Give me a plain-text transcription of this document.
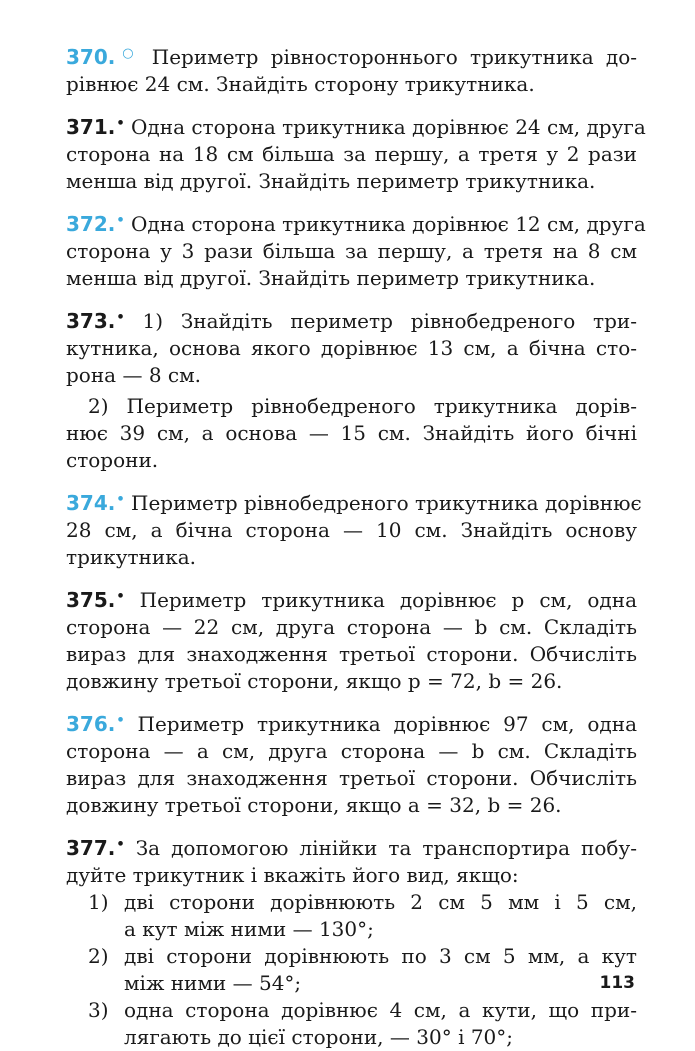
370.○ Периметр рівностороннього трикутника до-
рівнює 24 см. Знайдіть сторону трикутника.
371.• Одна сторона трикутника дорівнює 24 см, друга
сторона на 18 см більша за першу, а третя у 2 рази
менша від другої. Знайдіть периметр трикутника.
372.• Одна сторона трикутника дорівнює 12 см, друга
сторона у 3 рази більша за першу, а третя на 8 см
менша від другої. Знайдіть периметр трикутника.
373.• 1) Знайдіть периметр рівнобедреного три-
кутника, основа якого дорівнює 13 см, а бічна сто-
рона — 8 см.
2) Периметр рівнобедреного трикутника дорів-
нює 39 см, а основа — 15 см. Знайдіть його бічні
сторони.
374.• Периметр рівнобедреного трикутника дорівнює
28 см, а бічна сторона — 10 см. Знайдіть основу
трикутника.
375.• Периметр трикутника дорівнює p см, одна
сторона — 22 см, друга сторона — b см. Складіть
вираз для знаходження третьої сторони. Обчисліть
довжину третьої сторони, якщо p = 72, b = 26.
376.• Периметр трикутника дорівнює 97 см, одна
сторона — a см, друга сторона — b см. Складіть
вираз для знаходження третьої сторони. Обчисліть
довжину третьої сторони, якщо a = 32, b = 26.
377.• За допомогою лінійки та транспортира побу-
дуйте трикутник і вкажіть його вид, якщо:
1) дві сторони дорівнюють 2 см 5 мм і 5 см,
а кут між ними — 130°;
2) дві сторони дорівнюють по 3 см 5 мм, а кут
між ними — 54°;
3) одна сторона дорівнює 4 см, а кути, що при-
лягають до цієї сторони, — 30° і 70°;
113
